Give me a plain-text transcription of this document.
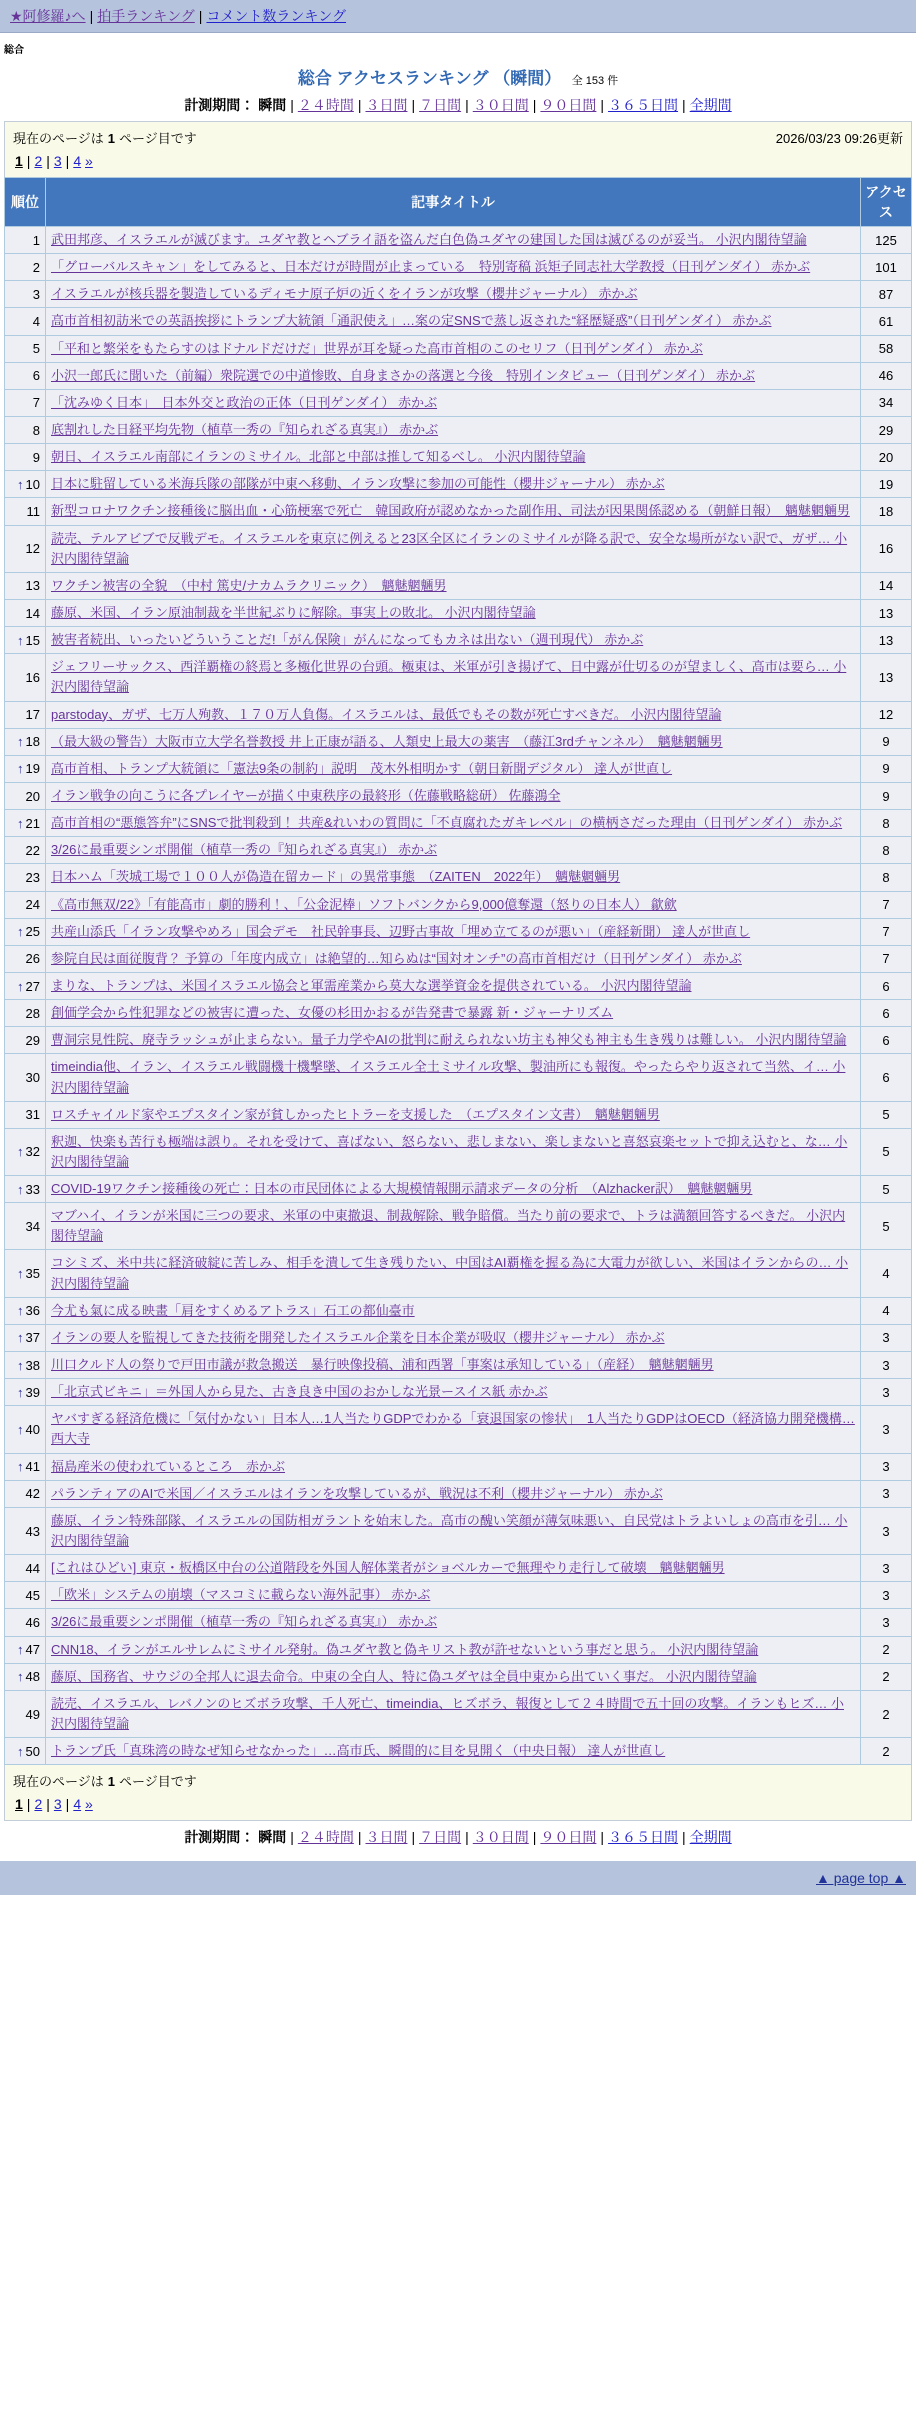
★阿修羅♪へ | 拍手ランキング | コメント数ランキング
総合
総合 アクセスランキング （瞬間） 全 153 件
計測期間： 瞬間 | ２４時間 | ３日間 | ７日間 | ３０日間 | ９０日間 | ３６５日間 | 全期間
現在のページは 1 ページ目です	2026/03/23 09:26更新
1 | 2 | 3 | 4 »
順位	記事タイトル	アクセス
1	武田邦彦、イスラエルが滅びます。ユダヤ教とヘブライ語を盗んだ白色偽ユダヤの建国した国は滅びるのが妥当。 小沢内閣待望論	125
2	「グローバルスキャン」をしてみると、日本だけが時間が止まっている　特別寄稿 浜矩子同志社大学教授（日刊ゲンダイ） 赤かぶ	101
3	イスラエルが核兵器を製造しているディモナ原子炉の近くをイランが攻撃（櫻井ジャーナル） 赤かぶ	87
4	高市首相初訪米での英語挨拶にトランプ大統領「通訳使え」…案の定SNSで蒸し返された“経歴疑惑”（日刊ゲンダイ） 赤かぶ	61
5	「平和と繁栄をもたらすのはドナルドだけだ」世界が耳を疑った高市首相のこのセリフ（日刊ゲンダイ） 赤かぶ	58
6	小沢一郎氏に聞いた（前編）衆院選での中道惨敗、自身まさかの落選と今後　特別インタビュー（日刊ゲンダイ） 赤かぶ	46
7	「沈みゆく日本」　日本外交と政治の正体（日刊ゲンダイ） 赤かぶ	34
8	底割れした日経平均先物（植草一秀の『知られざる真実』） 赤かぶ	29
9	朝日、イスラエル南部にイランのミサイル。北部と中部は推して知るべし。 小沢内閣待望論	20
↑ 10	日本に駐留している米海兵隊の部隊が中東へ移動、イラン攻撃に参加の可能性（櫻井ジャーナル） 赤かぶ	19
11	新型コロナワクチン接種後に脳出血・心筋梗塞で死亡　韓国政府が認めなかった副作用、司法が因果関係認める（朝鮮日報）　魑魅魍魎男	18
12	読売、テルアビブで反戦デモ。イスラエルを東京に例えると23区全区にイランのミサイルが降る訳で、安全な場所がない訳で、ガザ… 小沢内閣待望論	16
13	ワクチン被害の全貌　（中村 篤史/ナカムラクリニック）　魑魅魍魎男	14
14	藤原、米国、イラン原油制裁を半世紀ぶりに解除。事実上の敗北。 小沢内閣待望論	13
↑ 15	被害者続出、いったいどういうことだ!「がん保険」がんになってもカネは出ない（週刊現代） 赤かぶ	13
16	ジェフリーサックス、西洋覇権の終焉と多極化世界の台頭。極東は、米軍が引き揚げて、日中露が仕切るのが望ましく、高市は要ら… 小沢内閣待望論	13
17	parstoday、ガザ、七万人殉教、１７０万人負傷。イスラエルは、最低でもその数が死亡すべきだ。 小沢内閣待望論	12
↑ 18	（最大級の警告）大阪市立大学名誉教授 井上正康が語る、人類史上最大の薬害　（藤江3rdチャンネル）　魑魅魍魎男	9
↑ 19	高市首相、トランプ大統領に「憲法9条の制約」説明　茂木外相明かす（朝日新聞デジタル） 達人が世直し	9
20	イラン戦争の向こうに各プレイヤーが描く中東秩序の最終形（佐藤戦略総研） 佐藤鴻全	9
↑ 21	高市首相の“悪態答弁”にSNSで批判殺到！ 共産&れいわの質問に「不貞腐れたガキレベル」の横柄さだった理由（日刊ゲンダイ） 赤かぶ	8
22	3/26に最重要シンポ開催（植草一秀の『知られざる真実』） 赤かぶ	8
23	日本ハム「茨城工場で１００人が偽造在留カード」の異常事態　（ZAITEN　2022年）　魑魅魍魎男	8
24	《高市無双/22》「有能高市」劇的勝利！、「公金泥棒」ソフトバンクから9,000億奪還（怒りの日本人） 歙歛	7
↑ 25	共産山添氏「イラン攻撃やめろ」国会デモ　社民幹事長、辺野古事故「埋め立てるのが悪い」（産経新聞） 達人が世直し	7
26	参院自民は面従腹背？ 予算の「年度内成立」は絶望的…知らぬは“国対オンチ”の高市首相だけ（日刊ゲンダイ） 赤かぶ	7
↑ 27	まりな、トランプは、米国イスラエル協会と軍需産業から莫大な選挙資金を提供されている。 小沢内閣待望論	6
28	創価学会から性犯罪などの被害に遭った、女優の杉田かおるが告発書で暴露 新・ジャーナリズム	6
29	曹洞宗見性院、廃寺ラッシュが止まらない。量子力学やAIの批判に耐えられない坊主も神父も神主も生き残りは難しい。 小沢内閣待望論	6
30	timeindia他、イラン、イスラエル戦闘機十機撃墜、イスラエル全土ミサイル攻撃、製油所にも報復。やったらやり返されて当然、イ… 小沢内閣待望論	6
31	ロスチャイルド家やエプスタイン家が貧しかったヒトラーを支援した　（エプスタイン文書）　魑魅魍魎男	5
↑ 32	釈迦、快楽も苦行も極端は誤り。それを受けて、喜ばない、怒らない、悲しまない、楽しまないと喜怒哀楽セットで抑え込むと、な… 小沢内閣待望論	5
↑ 33	COVID-19ワクチン接種後の死亡：日本の市民団体による大規模情報開示請求データの分析　（Alzhacker訳）　魑魅魍魎男	5
34	マブハイ、イランが米国に三つの要求、米軍の中東撤退、制裁解除、戦争賠償。当たり前の要求で、トラは満額回答するべきだ。 小沢内閣待望論	5
↑ 35	コシミズ、米中共に経済破綻に苦しみ、相手を潰して生き残りたい、中国はAI覇権を握る為に大電力が欲しい、米国はイランからの… 小沢内閣待望論	4
↑ 36	今尤も氣に成る映畫「肩をすくめるアトラス」石工の都仙臺市	4
↑ 37	イランの要人を監視してきた技術を開発したイスラエル企業を日本企業が吸収（櫻井ジャーナル） 赤かぶ	3
↑ 38	川口クルド人の祭りで戸田市議が救急搬送　暴行映像投稿、浦和西署「事案は承知している」（産経）　魑魅魍魎男	3
↑ 39	「北京式ビキニ」＝外国人から見た、古き良き中国のおかしな光景ースイス紙 赤かぶ	3
↑ 40	ヤバすぎる経済危機に「気付かない」日本人…1人当たりGDPでわかる「衰退国家の惨状」　1人当たりGDPはOECD（経済協力開発機構… 西大寺	3
↑ 41	福島産米の使われているところ　赤かぶ	3
42	パランティアのAIで米国／イスラエルはイランを攻撃しているが、戦況は不利（櫻井ジャーナル） 赤かぶ	3
43	藤原、イラン特殊部隊、イスラエルの国防相ガラントを始末した。高市の醜い笑顔が薄気味悪い、自民党はトラよいしょの高市を引… 小沢内閣待望論	3
44	[これはひどい] 東京・板橋区中台の公道階段を外国人解体業者がショベルカーで無理やり走行して破壊　魑魅魍魎男	3
45	「欧米」システムの崩壊（マスコミに載らない海外記事） 赤かぶ	3
46	3/26に最重要シンポ開催（植草一秀の『知られざる真実』） 赤かぶ	3
↑ 47	CNN18、イランがエルサレムにミサイル発射。偽ユダヤ教と偽キリスト教が許せないという事だと思う。 小沢内閣待望論	2
↑ 48	藤原、国務省、サウジの全邦人に退去命令。中東の全白人、特に偽ユダヤは全員中東から出ていく事だ。 小沢内閣待望論	2
49	読売、イスラエル、レバノンのヒズボラ攻撃、千人死亡、timeindia、ヒズボラ、報復として２４時間で五十回の攻撃。イランもヒズ… 小沢内閣待望論	2
↑ 50	トランプ氏「真珠湾の時なぜ知らせなかった」…高市氏、瞬間的に目を見開く（中央日報） 達人が世直し	2
現在のページは 1 ページ目です
1 | 2 | 3 | 4 »
計測期間： 瞬間 | ２４時間 | ３日間 | ７日間 | ３０日間 | ９０日間 | ３６５日間 | 全期間
▲ page top ▲
